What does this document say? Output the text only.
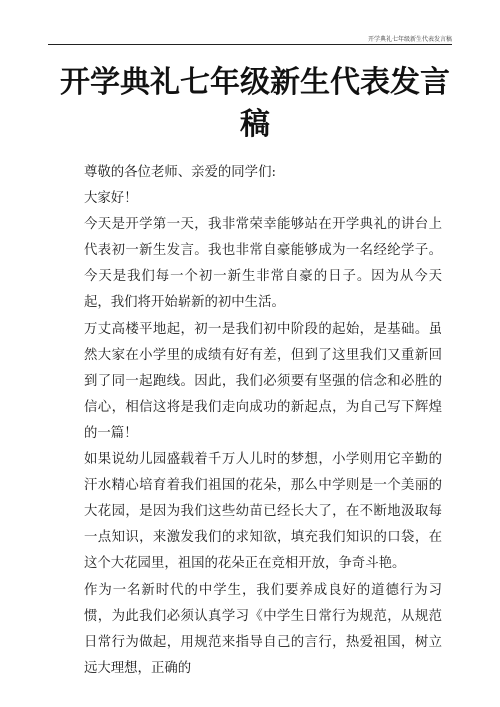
开学典礼七年级新生代表发言稿
开学典礼七年级新生代表发言稿

尊敬的各位老师、亲爱的同学们:

大家好！

今天是开学第一天，我非常荣幸能够站在开学典礼的讲台上代表初一新生发言。我也非常自豪能够成为一名经纶学子。今天是我们每一个初一新生非常自豪的日子。因为从今天起，我们将开始崭新的初中生活。

万丈高楼平地起，初一是我们初中阶段的起始，是基础。虽然大家在小学里的成绩有好有差，但到了这里我们又重新回到了同一起跑线。因此，我们必须要有坚强的信念和必胜的信心，相信这将是我们走向成功的新起点，为自己写下辉煌的一篇！

如果说幼儿园盛载着千万人儿时的梦想，小学则用它辛勤的汗水精心培育着我们祖国的花朵，那么中学则是一个美丽的大花园，是因为我们这些幼苗已经长大了，在不断地汲取每一点知识，来激发我们的求知欲，填充我们知识的口袋，在这个大花园里，祖国的花朵正在竞相开放，争奇斗艳。

作为一名新时代的中学生，我们要养成良好的道德行为习惯，为此我们必须认真学习《中学生日常行为规范，从规范日常行为做起，用规范来指导自己的言行，热爱祖国，树立远大理想，正确的
